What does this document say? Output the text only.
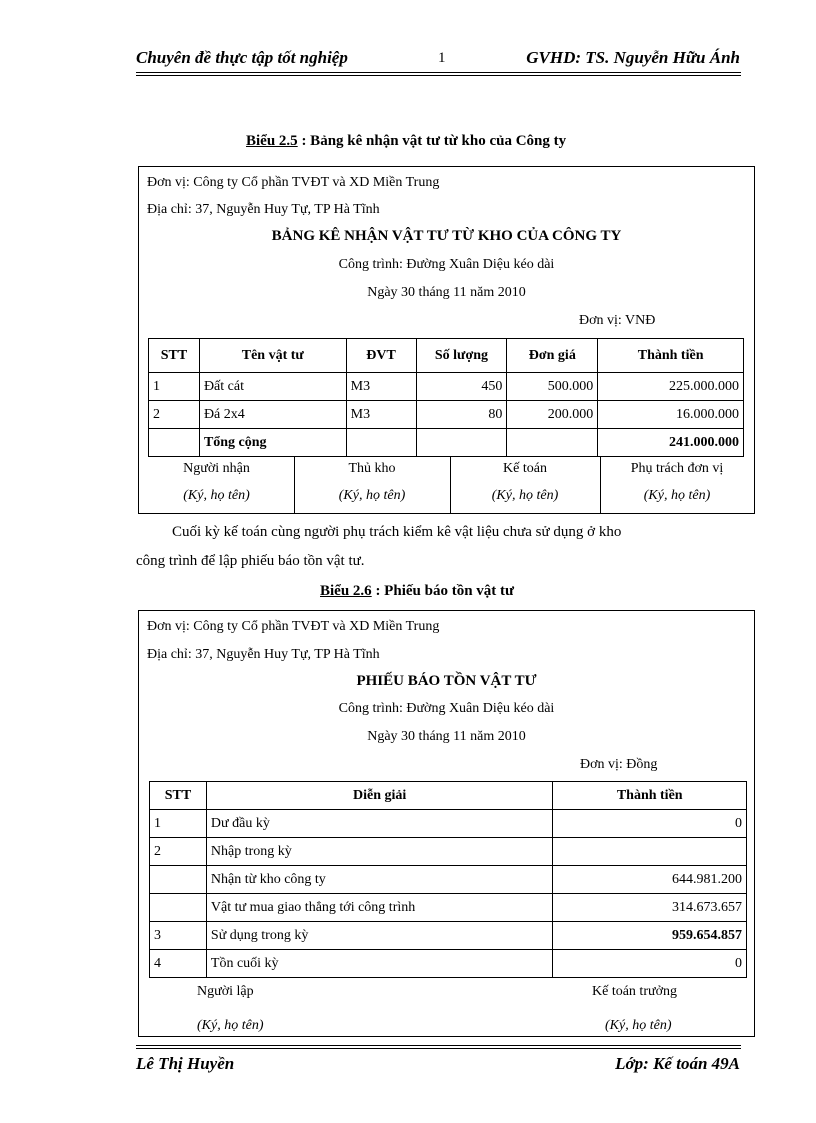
Chuyên đề thực tập tốt nghiệp	1	GVHD: TS. Nguyễn Hữu Ánh
Biểu 2.5 : Bảng kê nhận vật tư từ kho của Công ty
Đơn vị: Công ty Cổ phần TVĐT và XD Miền Trung
Địa chỉ: 37, Nguyễn Huy Tự, TP Hà Tĩnh
BẢNG KÊ NHẬN VẬT TƯ TỪ KHO CỦA CÔNG TY
Công trình: Đường Xuân Diệu kéo dài
Ngày 30 tháng 11 năm 2010
Đơn vị: VNĐ
STT	Tên vật tư	ĐVT	Số lượng	Đơn giá	Thành tiền
1	Đất cát	M3	450	500.000	225.000.000
2	Đá 2x4	M3	80	200.000	16.000.000
	Tổng cộng				241.000.000
Người nhận
(Ký, họ tên)
Thủ kho
(Ký, họ tên)
Kế toán
(Ký, họ tên)
Phụ trách đơn vị
(Ký, họ tên)
Cuối kỳ kế toán cùng người phụ trách kiểm kê vật liệu chưa sử dụng ở kho
công trình để lập phiếu báo tồn vật tư.
Biểu 2.6 : Phiếu báo tồn vật tư
Đơn vị: Công ty Cổ phần TVĐT và XD Miền Trung
Địa chỉ: 37, Nguyễn Huy Tự, TP Hà Tĩnh
PHIẾU BÁO TỒN VẬT TƯ
Công trình: Đường Xuân Diệu kéo dài
Ngày 30 tháng 11 năm 2010
Đơn vị: Đồng
STT	Diễn giải	Thành tiền
1	Dư đầu kỳ	0
2	Nhập trong kỳ	
	Nhận từ kho công ty	644.981.200
	Vật tư mua giao thẳng tới công trình	314.673.657
3	Sử dụng trong kỳ	959.654.857
4	Tồn cuối kỳ	0
Người lập
(Ký, họ tên)
Kế toán trưởng
(Ký, họ tên)
Lê Thị Huyền	Lớp: Kế toán 49A
